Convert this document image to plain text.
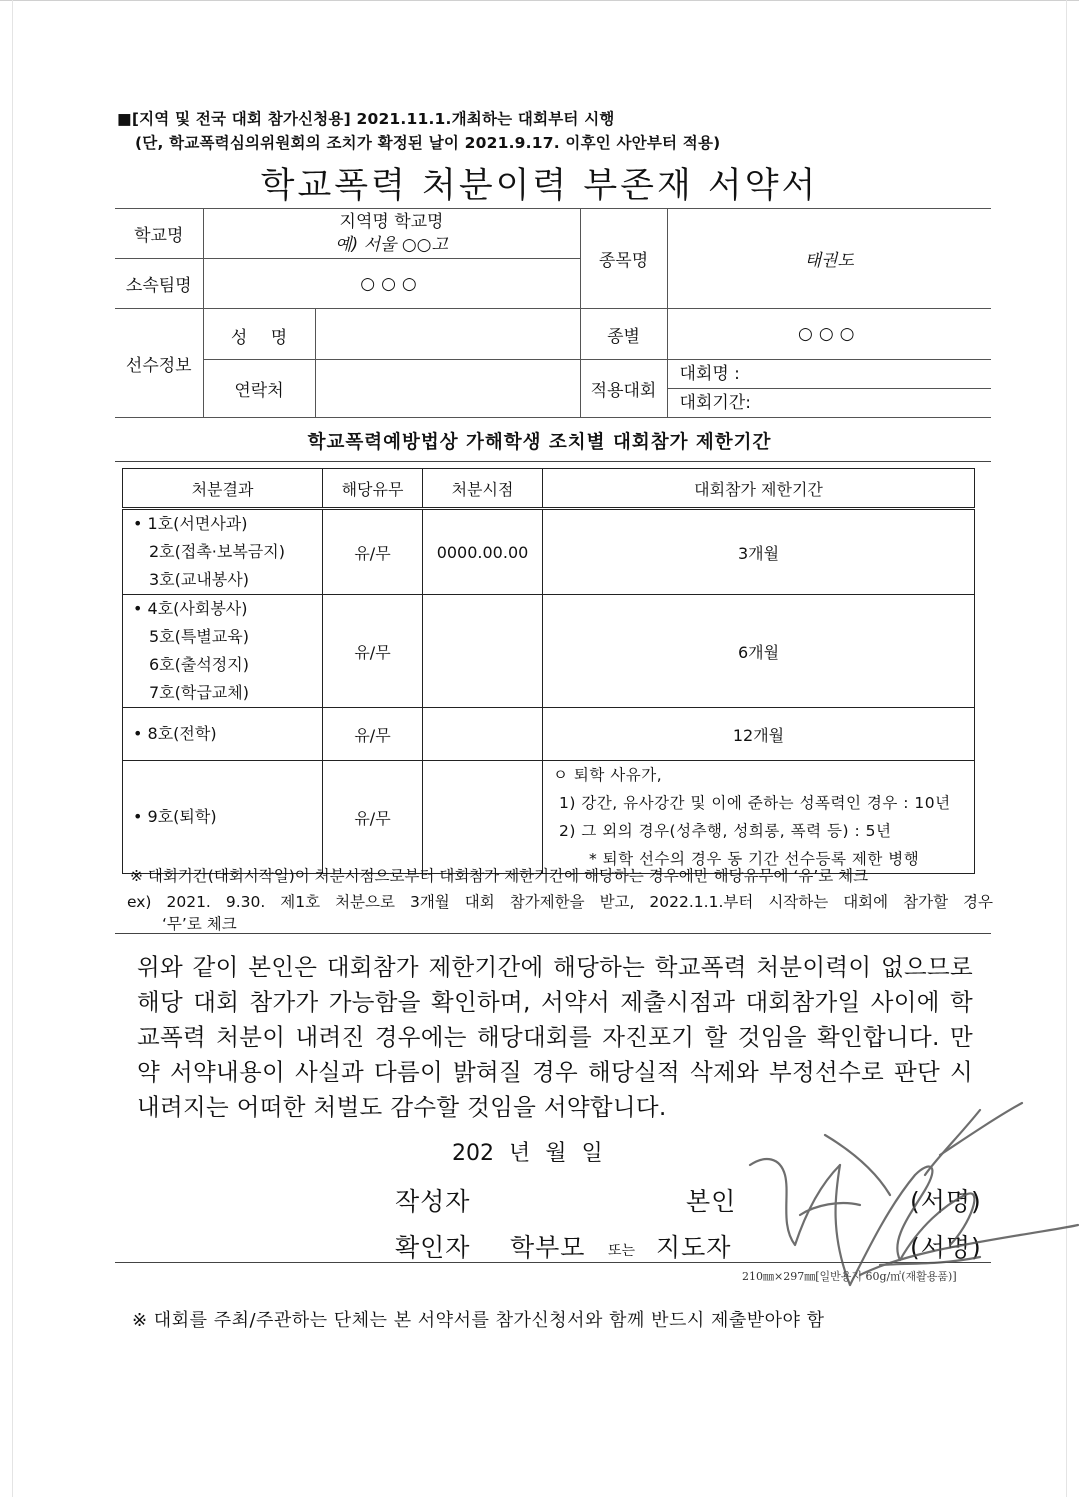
■[지역 및 전국 대회 참가신청용] 2021.11.1.개최하는 대회부터 시행
(단, 학교폭력심의위원회의 조치가 확정된 날이 2021.9.17. 이후인 사안부터 적용)
학교폭력 처분이력 부존재 서약서
학교명	지역명 학교명
예) 서울 ○○고		종목명	태권도
소속팀명	○○○			
선수정보	성 명		종별	○○○
	연락처		적용대회	대회명 :
대회기간:
학교폭력예방법상 가해학생 조치별 대회참가 제한기간
처분결과	해당유무	처분시점	대회참가 제한기간

• 1호(서면사과)
2호(접촉·보복금지)
3호(교내봉사)	유/무	0000.00.00	3개월

• 4호(사회봉사)
5호(특별교육)
6호(출석정지)
7호(학급교체)	유/무		6개월

• 8호(전학)	유/무		12개월

• 9호(퇴학)	유/무		ㅇ 퇴학 사유가,
1) 강간, 유사강간 및 이에 준하는 성폭력인 경우 : 10년
2) 그 외의 경우(성추행, 성희롱, 폭력 등) : 5년
* 퇴학 선수의 경우 동 기간 선수등록 제한 병행
※ 대회기간(대회시작일)이 처분시점으로부터 대회참가 제한기간에 해당하는 경우에만 해당유무에 ‘유’로 체크
ex) 2021. 9.30. 제1호 처분으로 3개월 대회 참가제한을 받고, 2022.1.1.부터 시작하는 대회에 참가할 경우
‘무’로 체크
위와 같이 본인은 대회참가 제한기간에 해당하는 학교폭력 처분이력이 없으므로 해당 대회 참가가 가능함을 확인하며, 서약서 제출시점과 대회참가일 사이에 학교폭력 처분이 내려진 경우에는 해당대회를 자진포기 할 것임을 확인합니다. 만약 서약내용이 사실과 다름이 밝혀질 경우 해당실적 삭제와 부정선수로 판단 시 내려지는 어떠한 처벌도 감수할 것임을 서약합니다.
202 년 월 일
작성자	본인	(서명)
확인자 학부모 또는 지도자	(서명)
210㎜×297㎜[일반용지 60g/㎡(재활용품)]
※ 대회를 주최/주관하는 단체는 본 서약서를 참가신청서와 함께 반드시 제출받아야 함
